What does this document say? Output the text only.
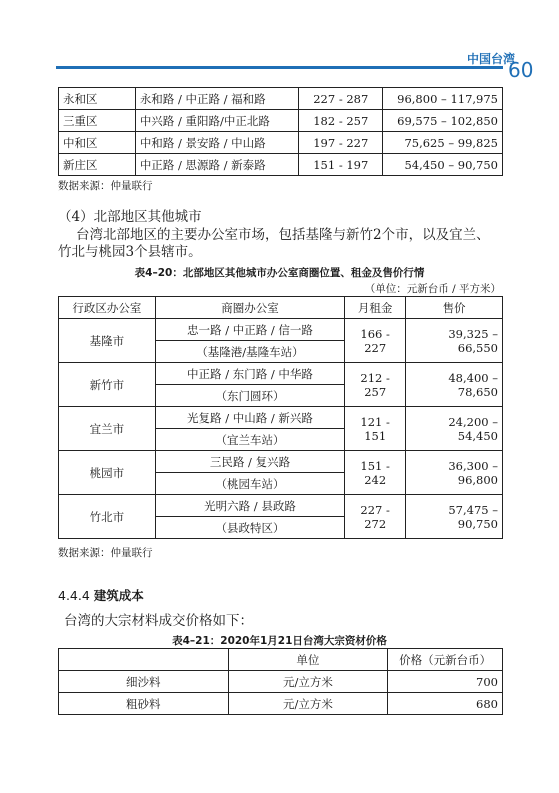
中国台湾
60
永和区	永和路 / 中正路 / 福和路	227 - 287	96,800 – 117,975
三重区	中兴路 / 重阳路/中正北路	182 - 257	69,575 – 102,850
中和区	中和路 / 景安路 / 中山路	197 - 227	75,625 – 99,825
新庄区	中正路 / 思源路 / 新泰路	151 - 197	54,450 – 90,750
数据来源：仲量联行
（4）北部地区其他城市
台湾北部地区的主要办公室市场，包括基隆与新竹2个市，以及宜兰、
竹北与桃园3个县辖市。
表4–20：北部地区其他城市办公室商圈位置、租金及售价行情
（单位：元新台币 / 平方米）
行政区办公室	商圈办公室	月租金	售价
基隆市	忠一路 / 中正路 / 信一路	166 - 227	39,325 – 66,550
	（基隆港/基隆车站）		
新竹市	中正路 / 东门路 / 中华路	212 - 257	48,400 – 78,650
	（东门圆环）		
宜兰市	光复路 / 中山路 / 新兴路	121 - 151	24,200 – 54,450
	（宜兰车站）		
桃园市	三民路 / 复兴路	151 - 242	36,300 – 96,800
	（桃园车站）		
竹北市	光明六路 / 县政路	227 - 272	57,475 – 90,750
	（县政特区）		
数据来源：仲量联行
4.4.4 建筑成本
台湾的大宗材料成交价格如下：
表4–21：2020年1月21日台湾大宗资材价格
	单位	价格（元新台币）
细沙料	元/立方米	700
粗砂料	元/立方米	680
